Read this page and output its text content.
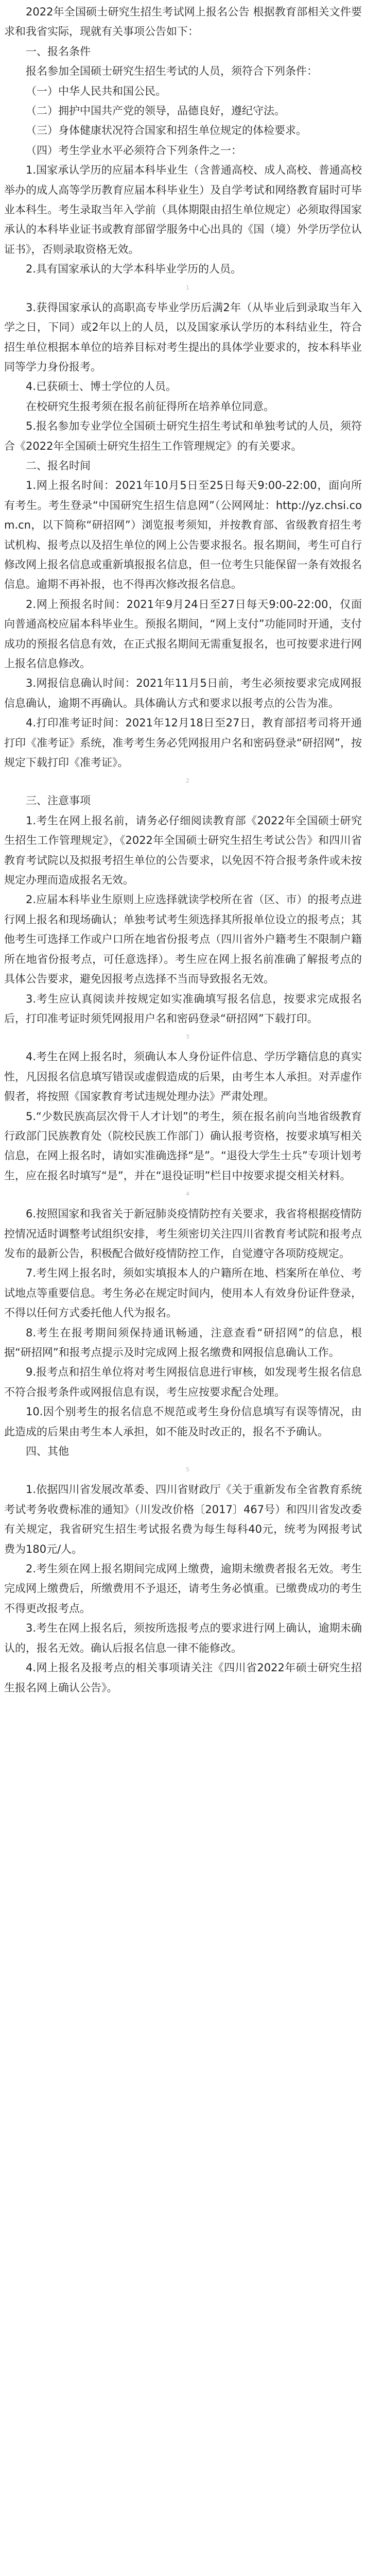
2022年全国硕士研究生招生考试网上报名公告 根据教育部相关文件要求和我省实际，现就有关事项公告如下：

一、报名条件

报名参加全国硕士研究生招生考试的人员，须符合下列条件：

（一）中华人民共和国公民。

（二）拥护中国共产党的领导，品德良好，遵纪守法。

（三）身体健康状况符合国家和招生单位规定的体检要求。

（四）考生学业水平必须符合下列条件之一：

1.国家承认学历的应届本科毕业生（含普通高校、成人高校、普通高校举办的成人高等学历教育应届本科毕业生）及自学考试和网络教育届时可毕业本科生。考生录取当年入学前（具体期限由招生单位规定）必须取得国家承认的本科毕业证书或教育部留学服务中心出具的《国（境）外学历学位认证书》，否则录取资格无效。

2.具有国家承认的大学本科毕业学历的人员。

1

3.获得国家承认的高职高专毕业学历后满2年（从毕业后到录取当年入学之日，下同）或2年以上的人员，以及国家承认学历的本科结业生，符合招生单位根据本单位的培养目标对考生提出的具体学业要求的，按本科毕业同等学力身份报考。

4.已获硕士、博士学位的人员。

在校研究生报考须在报名前征得所在培养单位同意。

5.报名参加专业学位全国硕士研究生招生考试和单独考试的人员，须符合《2022年全国硕士研究生招生工作管理规定》的有关要求。

二、报名时间

1.网上报名时间：2021年10月5日至25日每天9:00-22:00，面向所有考生。考生登录“中国研究生招生信息网”（公网网址：http://yz.chsi.com.cn，以下简称“研招网”）浏览报考须知，并按教育部、省级教育招生考试机构、报考点以及招生单位的网上公告要求报名。报名期间，考生可自行修改网上报名信息或重新填报报名信息，但一位考生只能保留一条有效报名信息。逾期不再补报，也不得再次修改报名信息。

2.网上预报名时间：2021年9月24日至27日每天9:00-22:00，仅面向普通高校应届本科毕业生。预报名期间，“网上支付”功能同时开通，支付成功的预报名信息有效，在正式报名期间无需重复报名，也可按要求进行网上报名信息修改。

3.网报信息确认时间：2021年11月5日前，考生必须按要求完成网报信息确认，逾期不再确认。具体确认方式和要求以报考点的公告为准。

4.打印准考证时间：2021年12月18日至27日，教育部招考司将开通打印《准考证》系统，准考考生务必凭网报用户名和密码登录“研招网”，按规定下载打印《准考证》。

2

三、注意事项

1.考生在网上报名前，请务必仔细阅读教育部《2022年全国硕士研究生招生工作管理规定》，《2022年全国硕士研究生招生考试公告》和四川省教育考试院以及拟报考招生单位的公告要求，以免因不符合报考条件或未按规定办理而造成报名无效。

2.应届本科毕业生原则上应选择就读学校所在省（区、市）的报考点进行网上报名和现场确认；单独考试考生须选择其所报单位设立的报考点；其他考生可选择工作或户口所在地省份报考点（四川省外户籍考生不限制户籍所在地省份报考点，可任意选择）。考生应在网上报名前准确了解报考点的具体公告要求，避免因报考点选择不当而导致报名无效。

3.考生应认真阅读并按规定如实准确填写报名信息，按要求完成报名后，打印准考证时须凭网报用户名和密码登录“研招网”下载打印。

3

4.考生在网上报名时，须确认本人身份证件信息、学历学籍信息的真实性，凡因报名信息填写错误或虚假造成的后果，由考生本人承担。对弄虚作假者，将按照《国家教育考试违规处理办法》严肃处理。

5.“少数民族高层次骨干人才计划”的考生，须在报名前向当地省级教育行政部门民族教育处（院校民族工作部门）确认报考资格，按要求填写相关信息，在网上报名时，请如实准确选择“是”。“退役大学生士兵”专项计划考生，应在报名时填写“是”，并在“退役证明”栏目中按要求提交相关材料。

4

6.按照国家和我省关于新冠肺炎疫情防控有关要求，我省将根据疫情防控情况适时调整考试组织安排，考生须密切关注四川省教育考试院和报考点发布的最新公告，积极配合做好疫情防控工作，自觉遵守各项防疫规定。

7.考生网上报名时，须如实填报本人的户籍所在地、档案所在单位、考试地点等重要信息。考生务必在规定时间内，使用本人有效身份证件登录，不得以任何方式委托他人代为报名。

8.考生在报考期间须保持通讯畅通，注意查看“研招网”的信息，根据“研招网”和报考点提示及时完成网上报名缴费和网报信息确认工作。

9.报考点和招生单位将对考生网报信息进行审核，如发现考生报名信息不符合报考条件或网报信息有误，考生应按要求配合处理。

10.因个别考生的报名信息不规范或考生身份信息填写有误等情况，由此造成的后果由考生本人承担，如不能及时改正的，报名不予确认。

四、其他

5

1.依据四川省发展改革委、四川省财政厅《关于重新发布全省教育系统考试考务收费标准的通知》（川发改价格〔2017〕467号）和四川省发改委有关规定，我省研究生招生考试报名费为每生每科40元，统考为网报考试费为180元/人。

2.考生须在网上报名期间完成网上缴费，逾期未缴费者报名无效。考生完成网上缴费后，所缴费用不予退还，请考生务必慎重。已缴费成功的考生不得更改报考点。

3.考生在网上报名后，须按所选报考点的要求进行网上确认，逾期未确认的，报名无效。确认后报名信息一律不能修改。

4.网上报名及报考点的相关事项请关注《四川省2022年硕士研究生招生报名网上确认公告》。
